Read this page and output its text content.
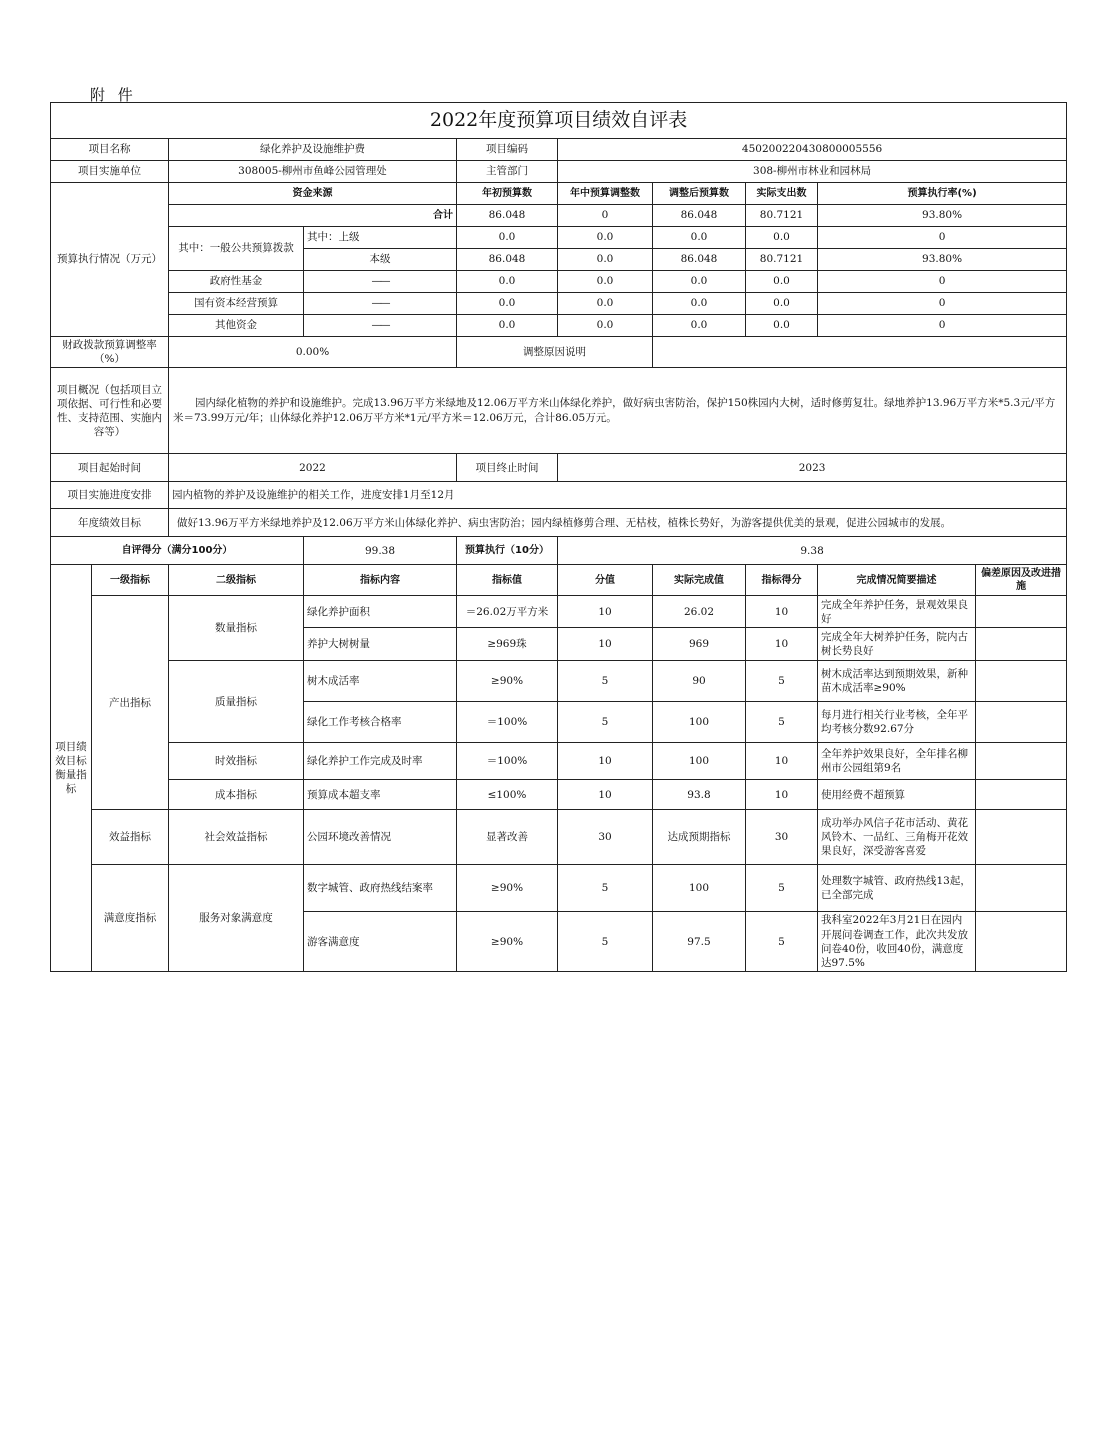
附 件
2022年度预算项目绩效自评表									
项目名称		绿化养护及设施维护费		项目编码	450200220430800005556				
项目实施单位		308005-柳州市鱼峰公园管理处		主管部门	308-柳州市林业和园林局				
预算执行情况（万元）		资金来源		年初预算数	年中预算调整数	调整后预算数	实际支出数	预算执行率(%)	
		合计		86.048	0	86.048	80.7121	93.80%	
		其中：一般公共预算拨款	其中：上级	0.0	0.0	0.0	0.0	0	
			本级	86.048	0.0	86.048	80.7121	93.80%	
		政府性基金	——	0.0	0.0	0.0	0.0	0	
		国有资本经营预算	——	0.0	0.0	0.0	0.0	0	
		其他资金	——	0.0	0.0	0.0	0.0	0	
财政拨款预算调整率（%）		0.00%		调整原因说明					
项目概况（包括项目立项依据、可行性和必要性、支持范围、实施内容等）		园内绿化植物的养护和设施维护。完成13.96万平方米绿地及12.06万平方米山体绿化养护，做好病虫害防治，保护150株园内大树，适时修剪复壮。绿地养护13.96万平方米*5.3元/平方米＝73.99万元/年；山体绿化养护12.06万平方米*1元/平方米＝12.06万元，合计86.05万元。							
项目起始时间		2022		项目终止时间	2023				
项目实施进度安排		园内植物的养护及设施维护的相关工作，进度安排1月至12月							
年度绩效目标		做好13.96万平方米绿地养护及12.06万平方米山体绿化养护、病虫害防治；园内绿植修剪合理、无枯枝，植株长势好，为游客提供优美的景观，促进公园城市的发展。							
自评得分（满分100分）			99.38	预算执行（10分）	9.38				
项目绩效目标衡量指标	一级指标	二级指标	指标内容	指标值	分值	实际完成值	指标得分	完成情况简要描述	偏差原因及改进措施
	产出指标	数量指标	绿化养护面积	＝26.02万平方米	10	26.02	10	完成全年养护任务，景观效果良好	
			养护大树树量	≥969珠	10	969	10	完成全年大树养护任务，院内古树长势良好	
		质量指标	树木成活率	≥90%	5	90	5	树木成活率达到预期效果，新种苗木成活率≥90%	
			绿化工作考核合格率	＝100%	5	100	5	每月进行相关行业考核，全年平均考核分数92.67分	
		时效指标	绿化养护工作完成及时率	＝100%	10	100	10	全年养护效果良好，全年排名柳州市公园组第9名	
		成本指标	预算成本超支率	≤100%	10	93.8	10	使用经费不超预算	
	效益指标	社会效益指标	公园环境改善情况	显著改善	30	达成预期指标	30	成功举办风信子花市活动、黄花风铃木、一品红、三角梅开花效果良好，深受游客喜爱	
	满意度指标	服务对象满意度	数字城管、政府热线结案率	≥90%	5	100	5	处理数字城管、政府热线13起，已全部完成	
			游客满意度	≥90%	5	97.5	5	我科室2022年3月21日在园内开展问卷调查工作，此次共发放问卷40份，收回40份，满意度达97.5%	
